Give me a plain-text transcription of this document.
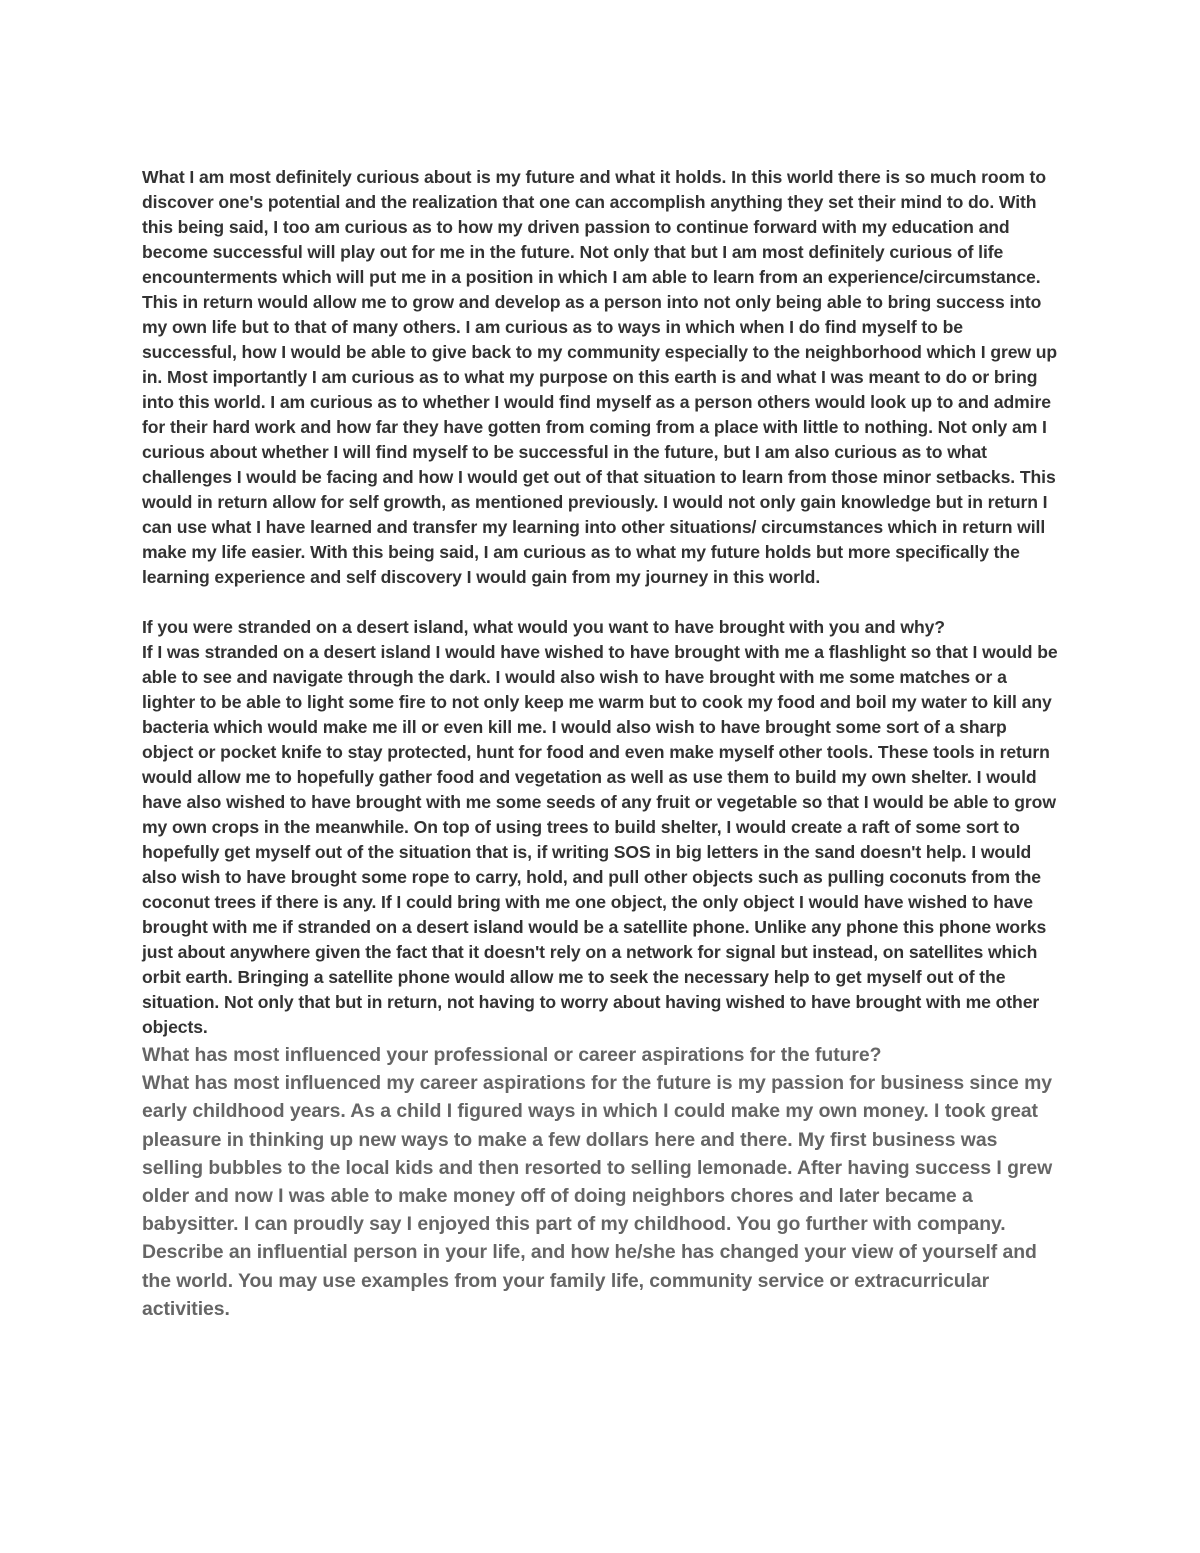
What I am most definitely curious about is my future and what it holds. In this world there is so much room to discover one's potential and the realization that one can accomplish anything they set their mind to do. With this being said, I too am curious as to how my driven passion to continue forward with my education and become successful will play out for me in the future. Not only that but I am most definitely curious of life encounterments which will put me in a position in which I am able to learn from an experience/circumstance. This in return would allow me to grow and develop as a person into not only being able to bring success into my own life but to that of many others. I am curious as to ways in which when I do find myself to be successful, how I would be able to give back to my community especially to the neighborhood which I grew up in. Most importantly I am curious as to what my purpose on this earth is and what I was meant to do or bring into this world. I am curious as to whether I would find myself as a person others would look up to and admire for their hard work and how far they have gotten from coming from a place with little to nothing. Not only am I curious about whether I will find myself to be successful in the future, but I am also curious as to what challenges I would be facing and how I would get out of that situation to learn from those minor setbacks. This would in return allow for self growth, as mentioned previously. I would not only gain knowledge but in return I can use what I have learned and transfer my learning into other situations/ circumstances which in return will make my life easier. With this being said, I am curious as to what my future holds but more specifically the learning experience and self discovery I would gain from my journey in this world.

If you were stranded on a desert island, what would you want to have brought with you and why?

If I was stranded on a desert island I would have wished to have brought with me a flashlight so that I would be able to see and navigate through the dark. I would also wish to have brought with me some matches or a lighter to be able to light some fire to not only keep me warm but to cook my food and boil my water to kill any bacteria which would make me ill or even kill me. I would also wish to have brought some sort of a sharp object or pocket knife to stay protected, hunt for food and even make myself other tools. These tools in return would allow me to hopefully gather food and vegetation as well as use them to build my own shelter. I would have also wished to have brought with me some seeds of any fruit or vegetable so that I would be able to grow my own crops in the meanwhile. On top of using trees to build shelter, I would create a raft of some sort to hopefully get myself out of the situation that is, if writing SOS in big letters in the sand doesn't help. I would also wish to have brought some rope to carry, hold, and pull other objects such as pulling coconuts from the coconut trees if there is any. If I could bring with me one object, the only object I would have wished to have brought with me if stranded on a desert island would be a satellite phone. Unlike any phone this phone works just about anywhere given the fact that it doesn't rely on a network for signal but instead, on satellites which orbit earth. Bringing a satellite phone would allow me to seek the necessary help to get myself out of the situation. Not only that but in return, not having to worry about having wished to have brought with me other objects.

What has most influenced your professional or career aspirations for the future?

What has most influenced my career aspirations for the future is my passion for business since my early childhood years. As a child I figured ways in which I could make my own money. I took great pleasure in thinking up new ways to make a few dollars here and there. My first business was selling bubbles to the local kids and then resorted to selling lemonade. After having success I grew older and now I was able to make money off of doing neighbors chores and later became a babysitter. I can proudly say I enjoyed this part of my childhood. You go further with company.

Describe an influential person in your life, and how he/she has changed your view of yourself and the world. You may use examples from your family life, community service or extracurricular activities.
